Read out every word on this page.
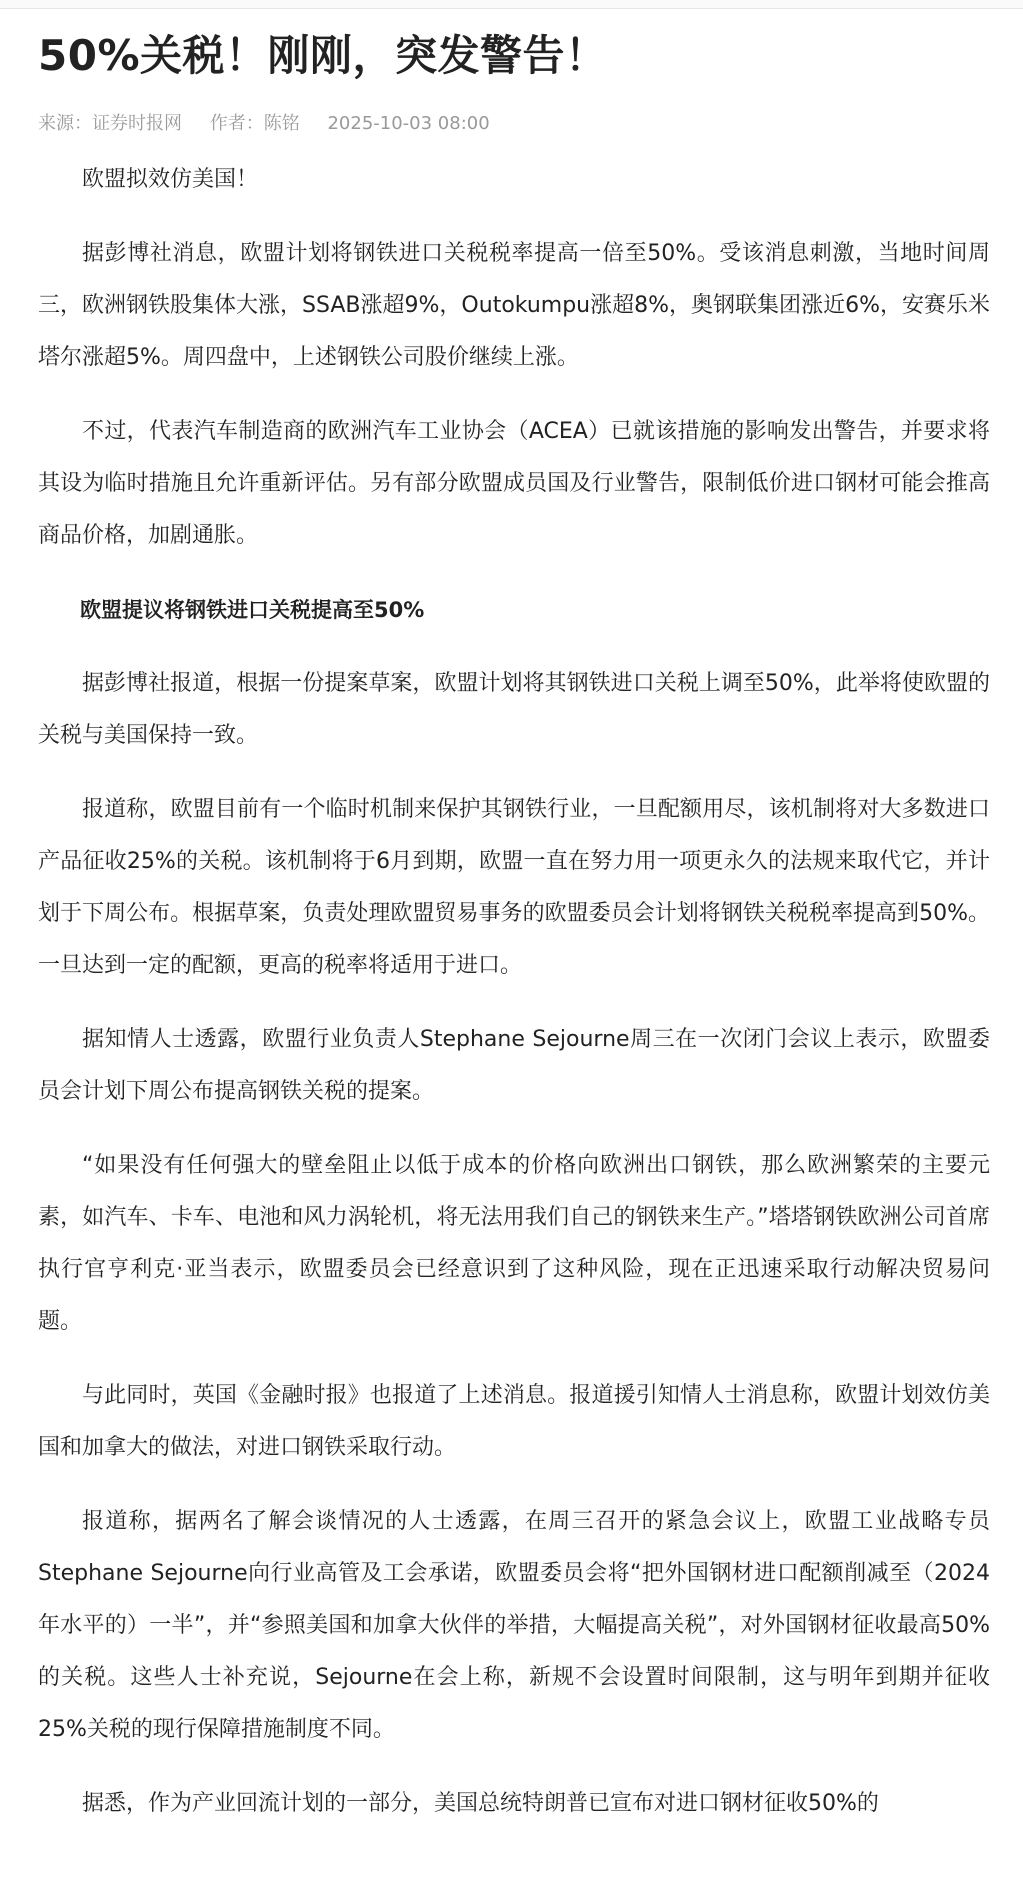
50%关税！刚刚，突发警告！
来源：证券时报网 作者：陈铭 2025-10-03 08:00

欧盟拟效仿美国！

据彭博社消息，欧盟计划将钢铁进口关税税率提高一倍至50%。受该消息刺激，当地时间周三，欧洲钢铁股集体大涨，SSAB涨超9%，Outokumpu涨超8%，奥钢联集团涨近6%，安赛乐米塔尔涨超5%。周四盘中，上述钢铁公司股价继续上涨。

不过，代表汽车制造商的欧洲汽车工业协会（ACEA）已就该措施的影响发出警告，并要求将其设为临时措施且允许重新评估。另有部分欧盟成员国及行业警告，限制低价进口钢材可能会推高商品价格，加剧通胀。

欧盟提议将钢铁进口关税提高至50%

据彭博社报道，根据一份提案草案，欧盟计划将其钢铁进口关税上调至50%，此举将使欧盟的关税与美国保持一致。

报道称，欧盟目前有一个临时机制来保护其钢铁行业，一旦配额用尽，该机制将对大多数进口产品征收25%的关税。该机制将于6月到期，欧盟一直在努力用一项更永久的法规来取代它，并计划于下周公布。根据草案，负责处理欧盟贸易事务的欧盟委员会计划将钢铁关税税率提高到50%。一旦达到一定的配额，更高的税率将适用于进口。

据知情人士透露，欧盟行业负责人Stephane Sejourne周三在一次闭门会议上表示，欧盟委员会计划下周公布提高钢铁关税的提案。

“如果没有任何强大的壁垒阻止以低于成本的价格向欧洲出口钢铁，那么欧洲繁荣的主要元素，如汽车、卡车、电池和风力涡轮机，将无法用我们自己的钢铁来生产。”塔塔钢铁欧洲公司首席执行官亨利克·亚当表示，欧盟委员会已经意识到了这种风险，现在正迅速采取行动解决贸易问题。

与此同时，英国《金融时报》也报道了上述消息。报道援引知情人士消息称，欧盟计划效仿美国和加拿大的做法，对进口钢铁采取行动。

报道称，据两名了解会谈情况的人士透露，在周三召开的紧急会议上，欧盟工业战略专员Stephane Sejourne向行业高管及工会承诺，欧盟委员会将“把外国钢材进口配额削减至（2024年水平的）一半”，并“参照美国和加拿大伙伴的举措，大幅提高关税”，对外国钢材征收最高50%的关税。这些人士补充说，Sejourne在会上称，新规不会设置时间限制，这与明年到期并征收25%关税的现行保障措施制度不同。

据悉，作为产业回流计划的一部分，美国总统特朗普已宣布对进口钢材征收50%的
